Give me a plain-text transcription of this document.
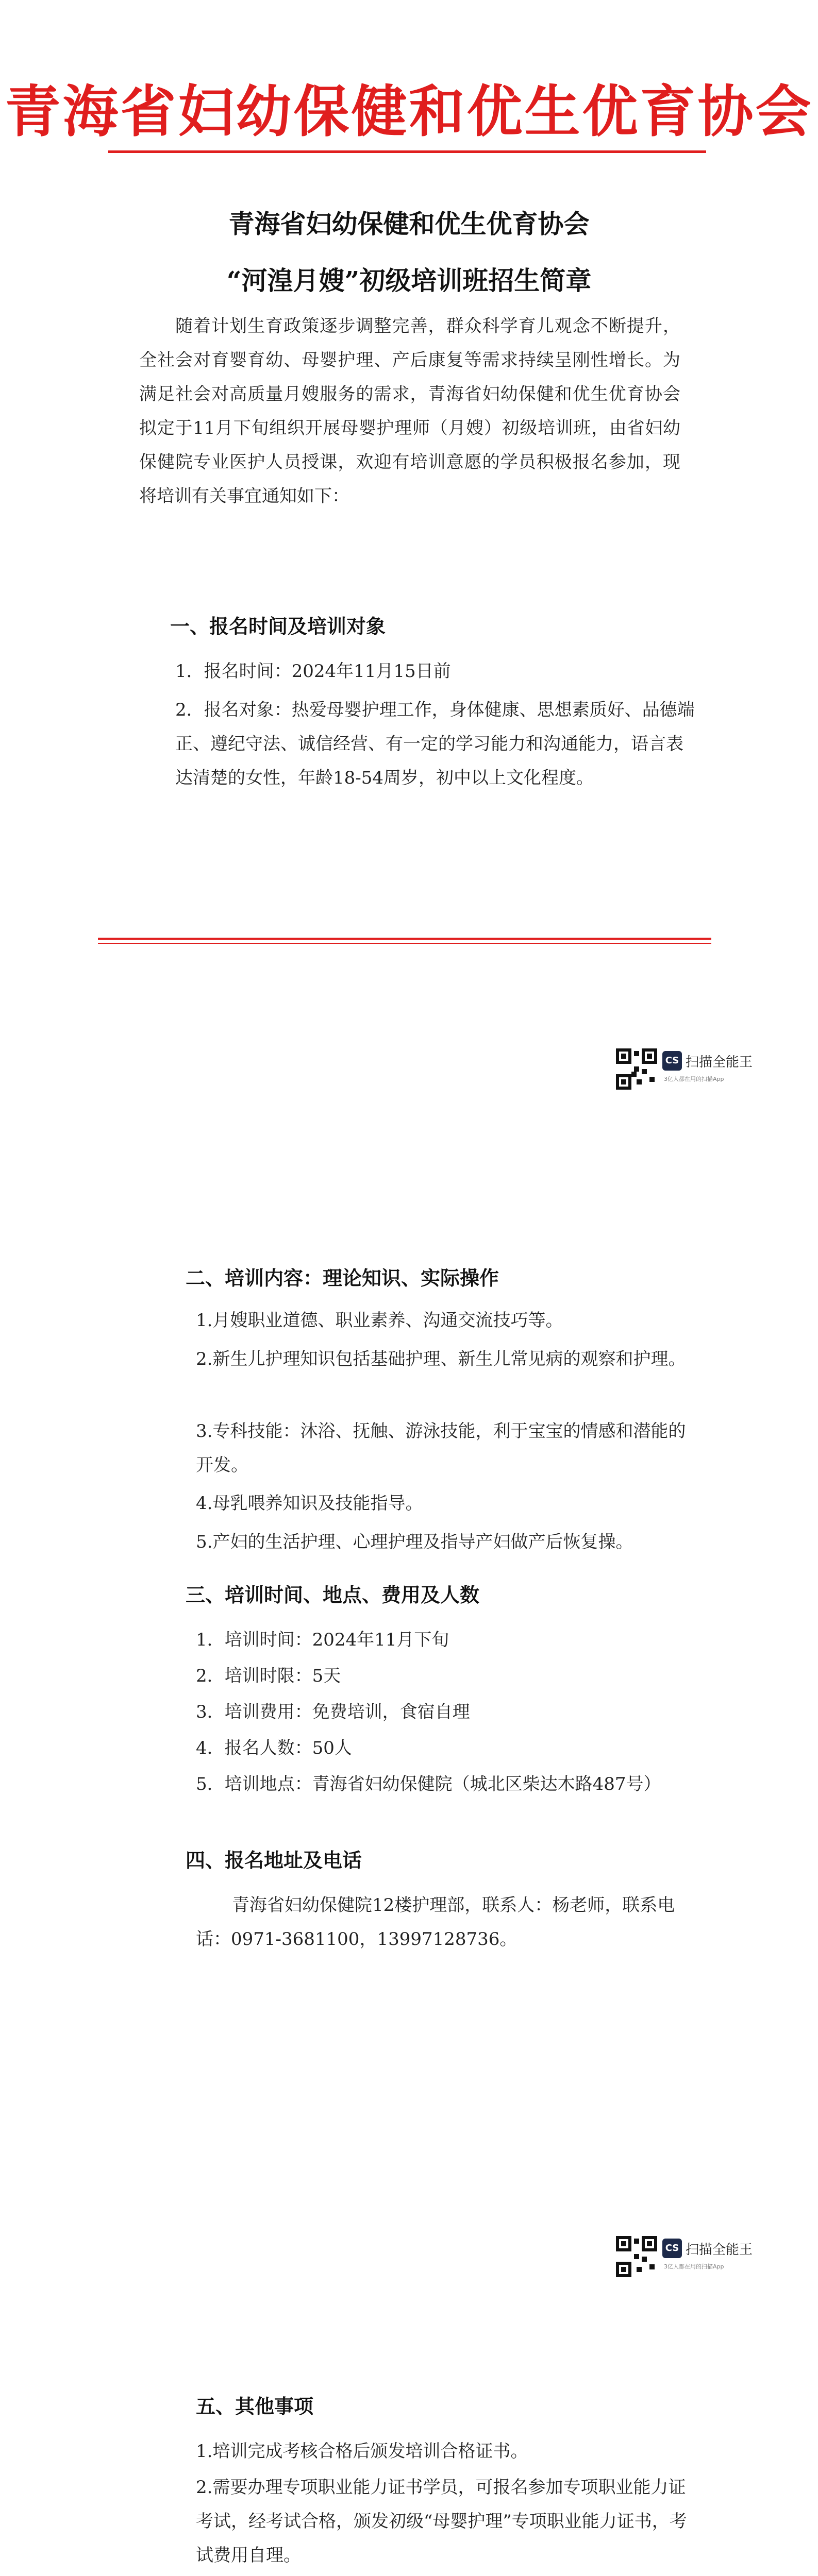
青海省妇幼保健和优生优育协会
青海省妇幼保健和优生优育协会
“河湟月嫂”初级培训班招生简章
随着计划生育政策逐步调整完善，群众科学育儿观念不断提升，全社会对育婴育幼、母婴护理、产后康复等需求持续呈刚性增长。为满足社会对高质量月嫂服务的需求，青海省妇幼保健和优生优育协会拟定于11月下旬组织开展母婴护理师（月嫂）初级培训班，由省妇幼保健院专业医护人员授课，欢迎有培训意愿的学员积极报名参加，现将培训有关事宜通知如下：
一、报名时间及培训对象
1．报名时间：2024年11月15日前
2．报名对象：热爱母婴护理工作，身体健康、思想素质好、品德端正、遵纪守法、诚信经营、有一定的学习能力和沟通能力，语言表达清楚的女性，年龄18-54周岁，初中以上文化程度。
CS 扫描全能王
3亿人都在用的扫描App
二、培训内容：理论知识、实际操作
1.月嫂职业道德、职业素养、沟通交流技巧等。
2.新生儿护理知识包括基础护理、新生儿常见病的观察和护理。
3.专科技能：沐浴、抚触、游泳技能，利于宝宝的情感和潜能的开发。
4.母乳喂养知识及技能指导。
5.产妇的生活护理、心理护理及指导产妇做产后恢复操。
三、培训时间、地点、费用及人数
1．培训时间：2024年11月下旬
2．培训时限：5天
3．培训费用：免费培训，食宿自理
4．报名人数：50人
5．培训地点：青海省妇幼保健院（城北区柴达木路487号）
四、报名地址及电话
青海省妇幼保健院12楼护理部，联系人：杨老师，联系电话：0971-3681100，13997128736。
CS 扫描全能王
3亿人都在用的扫描App
五、其他事项
1.培训完成考核合格后颁发培训合格证书。
2.需要办理专项职业能力证书学员，可报名参加专项职业能力证考试，经考试合格，颁发初级“母婴护理”专项职业能力证书，考试费用自理。
